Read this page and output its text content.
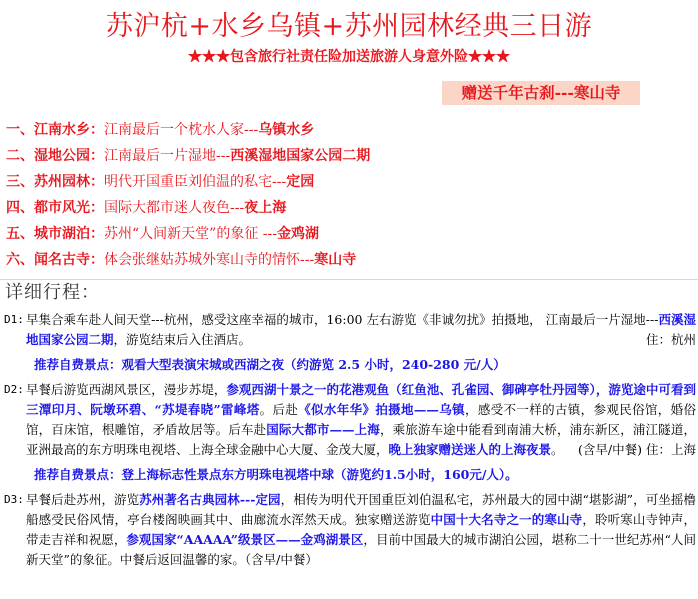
苏沪杭+水乡乌镇+苏州园林经典三日游
★★★包含旅行社责任险加送旅游人身意外险★★★
赠送千年古刹---寒山寺
一、江南水乡：江南最后一个枕水人家---乌镇水乡
二、湿地公园：江南最后一片湿地---西溪湿地国家公园二期
三、苏州园林：明代开国重臣刘伯温的私宅---定园
四、都市风光：国际大都市迷人夜色---夜上海
五、城市湖泊：苏州“人间新天堂”的象征 ---金鸡湖
六、闻名古寺：体会张继姑苏城外寒山寺的情怀---寒山寺
详细行程：
D1: 早集合乘车赴人间天堂---杭州，感受这座幸福的城市，16:00 左右游览《非诚勿扰》拍摄地， 江南最后一片湿地---西溪湿地国家公园二期，游览结束后入住酒店。	住：杭州
推荐自费景点：观看大型表演宋城或西湖之夜（约游览 2.5 小时，240-280 元/人）
D2: 早餐后游览西湖风景区，漫步苏堤，参观西湖十景之一的花港观鱼（红鱼池、孔雀园、御碑亭牡丹园等），游览途中可看到三潭印月、阮墩环碧、“苏堤春晓”雷峰塔。后赴《似水年华》拍摄地——乌镇，感受不一样的古镇，参观民俗馆，婚俗馆，百床馆，根雕馆，矛盾故居等。后车赴国际大都市——上海，乘旅游车途中能看到南浦大桥，浦东新区，浦江隧道，亚洲最高的东方明珠电视塔、上海全球金融中心大厦、金茂大厦，晚上独家赠送迷人的上海夜景。 (含早/中餐) 住：上海
推荐自费景点：登上海标志性景点东方明珠电视塔中球（游览约1.5小时，160元/人）。
D3: 早餐后赴苏州，游览苏州著名古典园林---定园，相传为明代开国重臣刘伯温私宅，苏州最大的园中湖“堪影湖”，可坐摇橹船感受民俗风情，亭台楼阁映画其中、曲廊流水浑然天成。独家赠送游览中国十大名寺之一的寒山寺，聆听寒山寺钟声，带走吉祥和祝愿，参观国家“AAAAA”级景区——金鸡湖景区，目前中国最大的城市湖泊公园，堪称二十一世纪苏州“人间新天堂”的象征。中餐后返回温馨的家。（含早/中餐）
